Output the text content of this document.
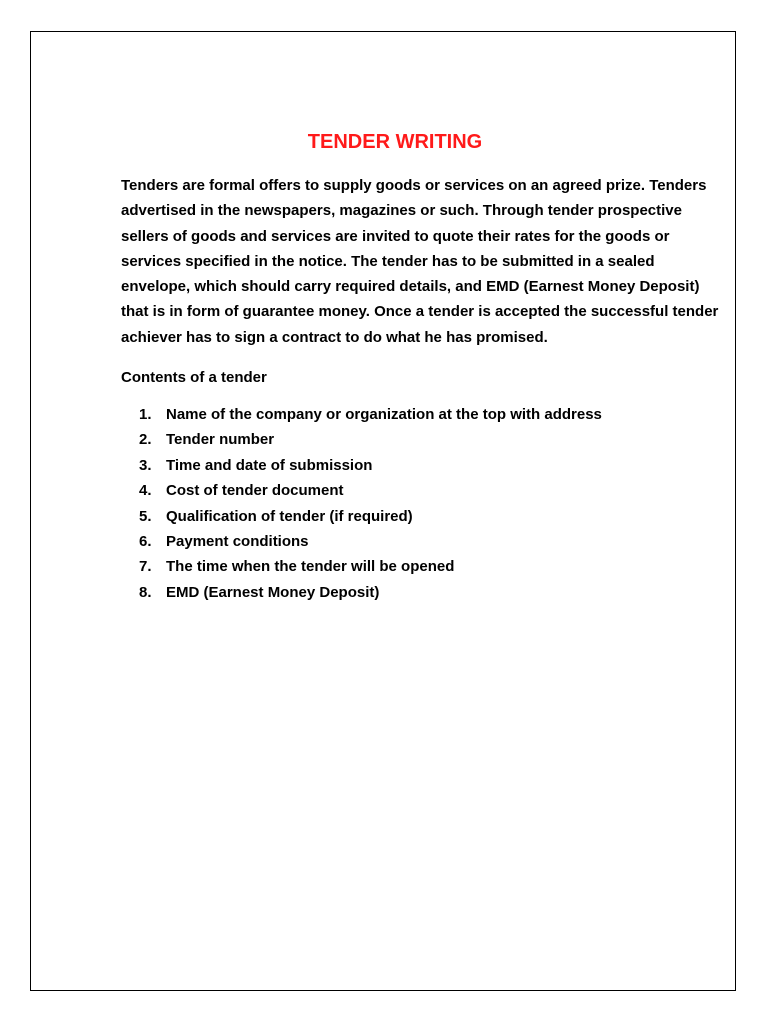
TENDER WRITING

Tenders are formal offers to supply goods or services on an agreed prize. Tenders advertised in the newspapers, magazines or such. Through tender prospective sellers of goods and services are invited to quote their rates for the goods or services specified in the notice. The tender has to be submitted in a sealed envelope, which should carry required details, and EMD (Earnest Money Deposit) that is in form of guarantee money. Once a tender is accepted the successful tender achiever has to sign a contract to do what he has promised.

Contents of a tender

1. Name of the company or organization at the top with address
2. Tender number
3. Time and date of submission
4. Cost of tender document
5. Qualification of tender (if required)
6. Payment conditions
7. The time when the tender will be opened
8. EMD (Earnest Money Deposit)
